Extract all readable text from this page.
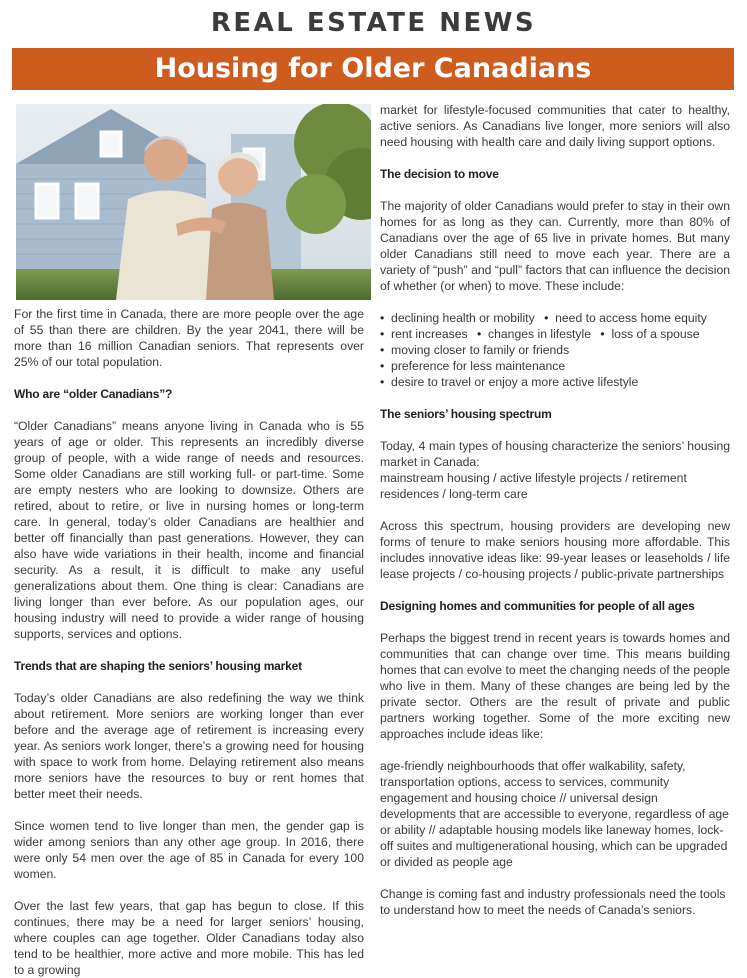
REAL ESTATE NEWS
Housing for Older Canadians

For the first time in Canada, there are more people over the age of 55 than there are children. By the year 2041, there will be more than 16 million Canadian seniors. That represents over 25% of our total population.

Who are “older Canadians”?

“Older Canadians” means anyone living in Canada who is 55 years of age or older. This represents an incredibly diverse group of people, with a wide range of needs and resources. Some older Canadians are still working full- or part-time. Some are empty nesters who are looking to downsize. Others are retired, about to retire, or live in nursing homes or long-term care. In general, today’s older Canadians are healthier and better off financially than past generations. However, they can also have wide variations in their health, income and financial security. As a result, it is difficult to make any useful generalizations about them. One thing is clear: Canadians are living longer than ever before. As our population ages, our housing industry will need to provide a wider range of housing supports, services and options.

Trends that are shaping the seniors’ housing market

Today’s older Canadians are also redefining the way we think about retirement. More seniors are working longer than ever before and the average age of retirement is increasing every year. As seniors work longer, there’s a growing need for housing with space to work from home. Delaying retirement also means more seniors have the resources to buy or rent homes that better meet their needs.

Since women tend to live longer than men, the gender gap is wider among seniors than any other age group. In 2016, there were only 54 men over the age of 85 in Canada for every 100 women.

Over the last few years, that gap has begun to close. If this continues, there may be a need for larger seniors’ housing, where couples can age together. Older Canadians today also tend to be healthier, more active and more mobile. This has led to a growing

market for lifestyle-focused communities that cater to healthy, active seniors. As Canadians live longer, more seniors will also need housing with health care and daily living support options.

The decision to move

The majority of older Canadians would prefer to stay in their own homes for as long as they can. Currently, more than 80% of Canadians over the age of 65 live in private homes. But many older Canadians still need to move each year. There are a variety of “push” and “pull” factors that can influence the decision of whether (or when) to move. These include:

•  declining health or mobility •  need to access home equity •  rent increases •  changes in lifestyle •  loss of a spouse •  moving closer to family or friends •  preference for less maintenance •  desire to travel or enjoy a more active lifestyle

The seniors’ housing spectrum

Today, 4 main types of housing characterize the seniors’ housing market in Canada:

mainstream housing / active lifestyle projects / retirement residences / long-term care

Across this spectrum, housing providers are developing new forms of tenure to make seniors housing more affordable. This includes innovative ideas like: 99-year leases or leaseholds / life lease projects / co-housing projects / public-private partnerships

Designing homes and communities for people of all ages

Perhaps the biggest trend in recent years is towards homes and communities that can change over time. This means building homes that can evolve to meet the changing needs of the people who live in them. Many of these changes are being led by the private sector. Others are the result of private and public partners working together. Some of the more exciting new approaches include ideas like:

age-friendly neighbourhoods that offer walkability, safety, transportation options, access to services, community engagement and housing choice // universal design developments that are accessible to everyone, regardless of age or ability // adaptable housing models like laneway homes, lock-off suites and multigenerational housing, which can be upgraded or divided as people age

Change is coming fast and industry professionals need the tools to understand how to meet the needs of Canada’s seniors.
